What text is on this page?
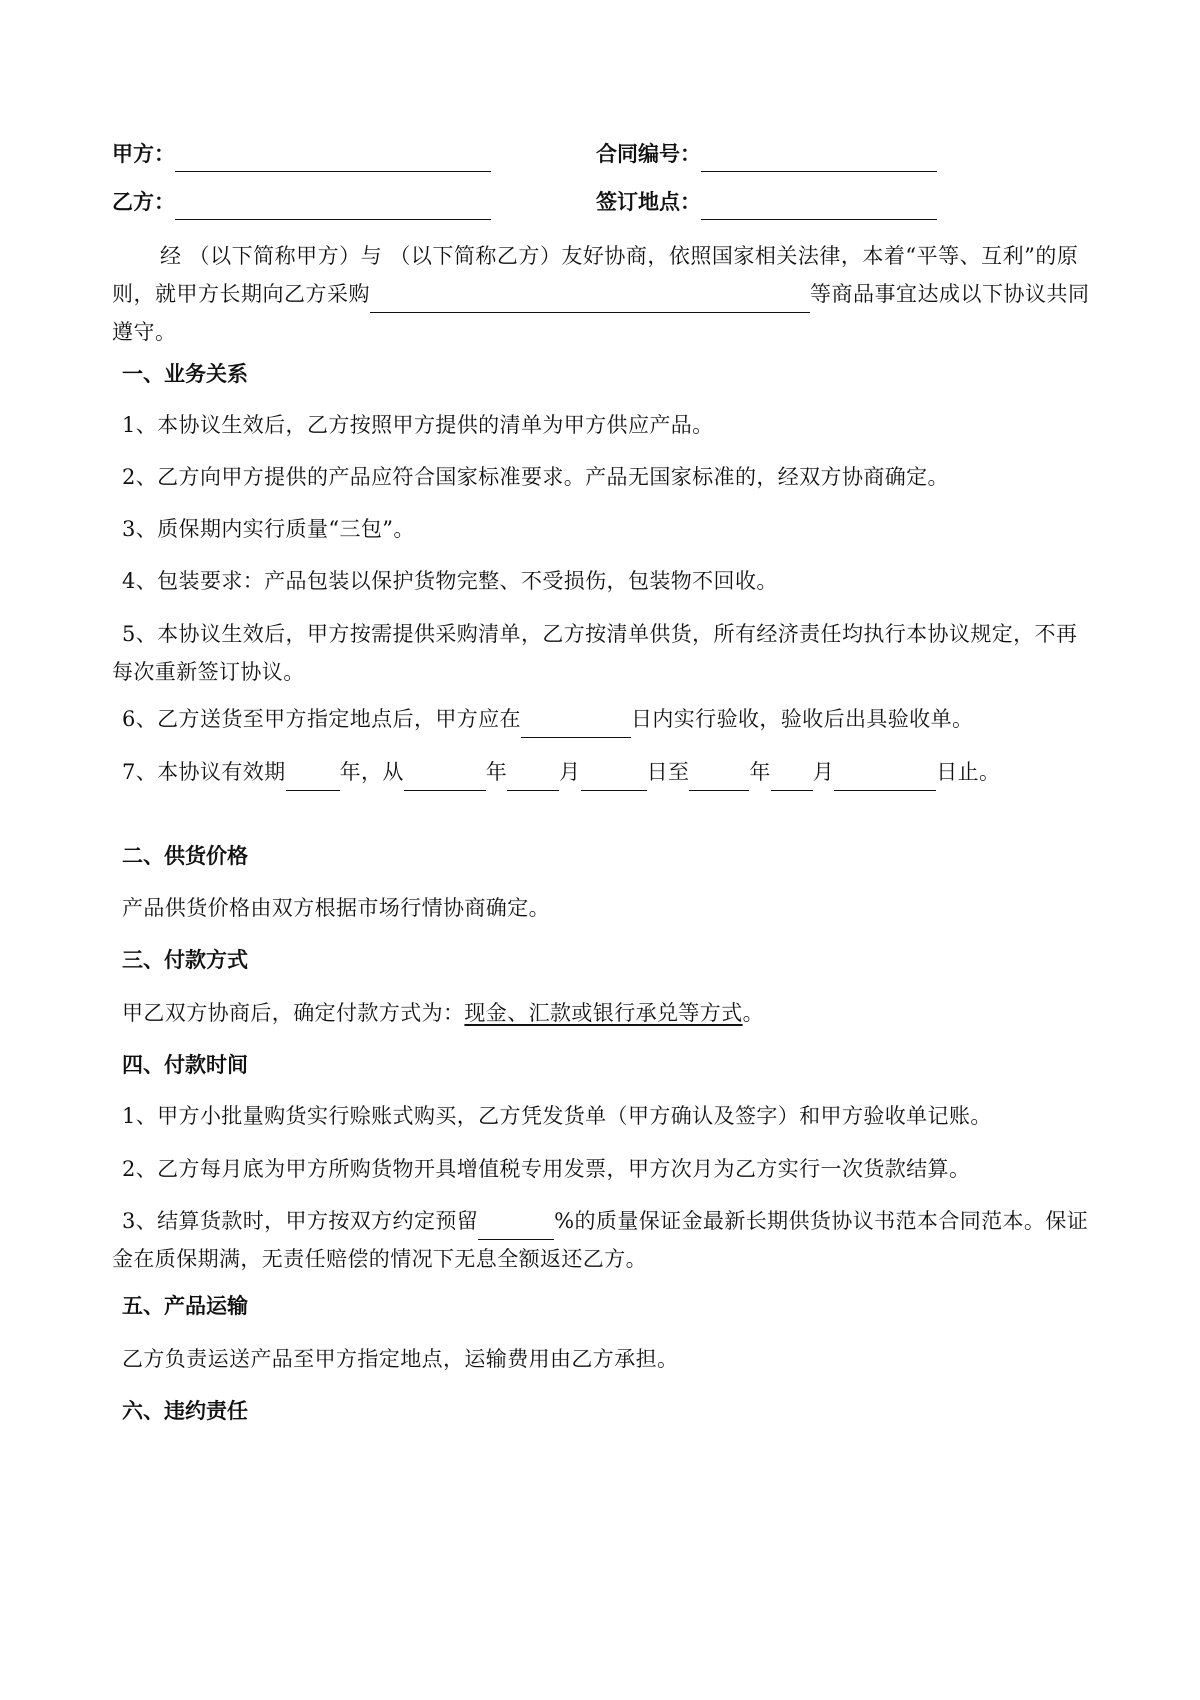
甲方：	合同编号：
乙方：	签订地点：
经 （以下简称甲方）与 （以下简称乙方）友好协商，依照国家相关法律，本着“平等、互利”的原则，就甲方长期向乙方采购	等商品事宜达成以下协议共同遵守。
一、业务关系
1、本协议生效后，乙方按照甲方提供的清单为甲方供应产品。
2、乙方向甲方提供的产品应符合国家标准要求。产品无国家标准的，经双方协商确定。
3、质保期内实行质量“三包”。
4、包装要求：产品包装以保护货物完整、不受损伤，包装物不回收。
5、本协议生效后，甲方按需提供采购清单，乙方按清单供货，所有经济责任均执行本协议规定，不再每次重新签订协议。
6、乙方送货至甲方指定地点后，甲方应在	日内实行验收，验收后出具验收单。
7、本协议有效期	年，从	年 月	日至	年 月	日止。
二、供货价格
产品供货价格由双方根据市场行情协商确定。
三、付款方式
甲乙双方协商后，确定付款方式为：现金、汇款或银行承兑等方式。
四、付款时间
1、甲方小批量购货实行赊账式购买，乙方凭发货单（甲方确认及签字）和甲方验收单记账。
2、乙方每月底为甲方所购货物开具增值税专用发票，甲方次月为乙方实行一次货款结算。
3、结算货款时，甲方按双方约定预留	%的质量保证金最新长期供货协议书范本合同范本。保证金在质保期满，无责任赔偿的情况下无息全额返还乙方。
五、产品运输
乙方负责运送产品至甲方指定地点，运输费用由乙方承担。
六、违约责任
